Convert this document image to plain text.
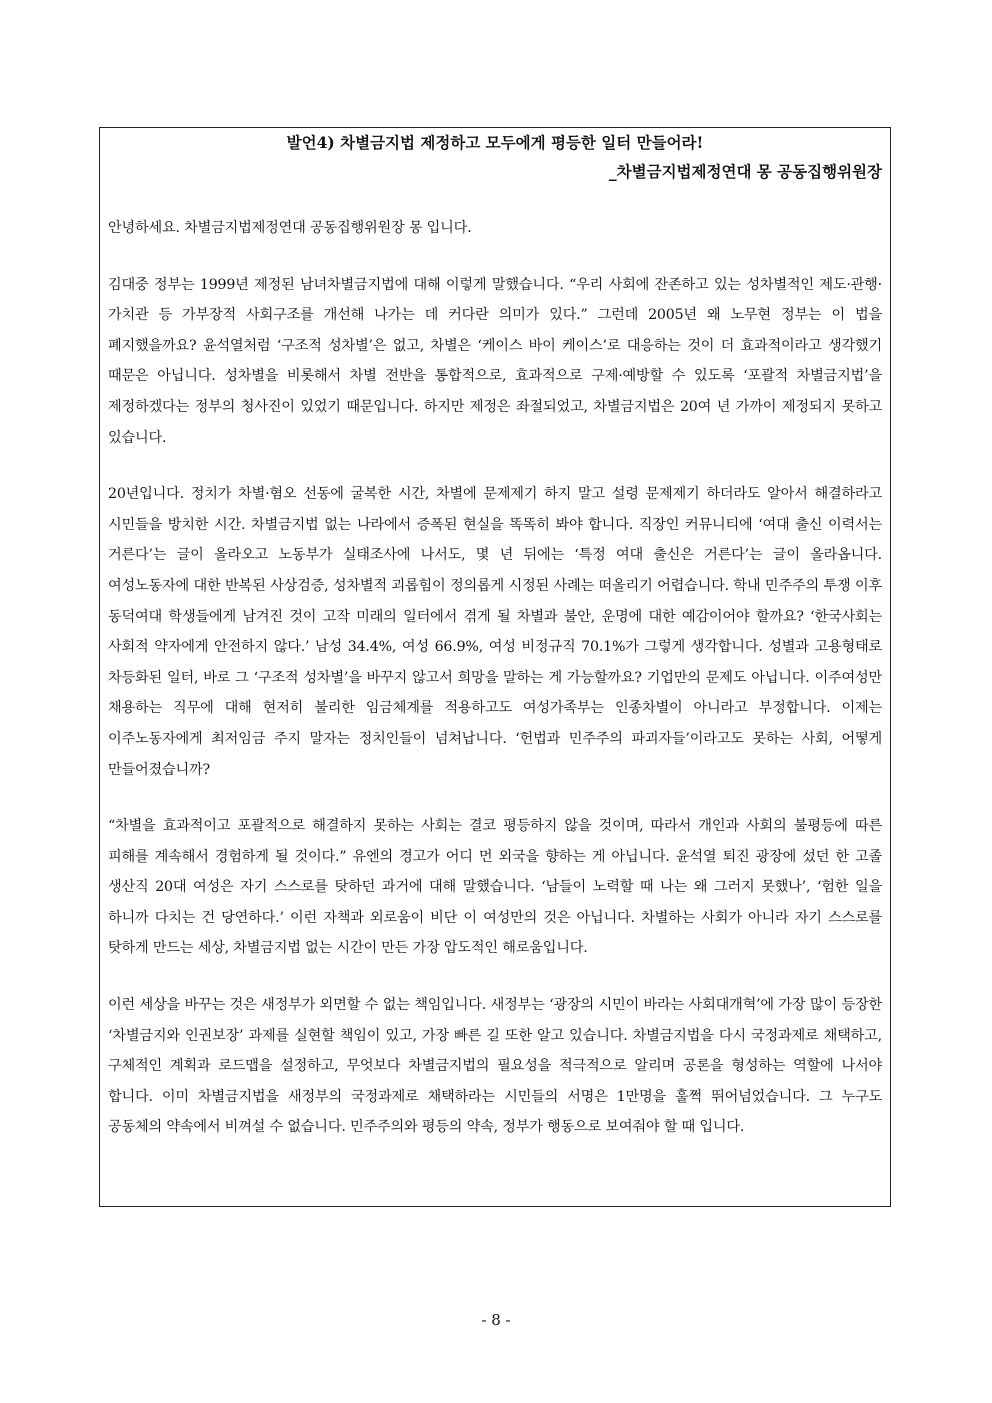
발언4) 차별금지법 제정하고 모두에게 평등한 일터 만들어라!

_차별금지법제정연대 몽 공동집행위원장

안녕하세요. 차별금지법제정연대 공동집행위원장 몽 입니다.

김대중 정부는 1999년 제정된 남녀차별금지법에 대해 이렇게 말했습니다. “우리 사회에 잔존하고 있는 성차별적인 제도·관행·가치관 등 가부장적 사회구조를 개선해 나가는 데 커다란 의미가 있다.” 그런데 2005년 왜 노무현 정부는 이 법을 폐지했을까요? 윤석열처럼 ‘구조적 성차별’은 없고, 차별은 ‘케이스 바이 케이스’로 대응하는 것이 더 효과적이라고 생각했기 때문은 아닙니다. 성차별을 비롯해서 차별 전반을 통합적으로, 효과적으로 구제·예방할 수 있도록 ‘포괄적 차별금지법’을 제정하겠다는 정부의 청사진이 있었기 때문입니다. 하지만 제정은 좌절되었고, 차별금지법은 20여 년 가까이 제정되지 못하고 있습니다.

20년입니다. 정치가 차별·혐오 선동에 굴복한 시간, 차별에 문제제기 하지 말고 설령 문제제기 하더라도 알아서 해결하라고 시민들을 방치한 시간. 차별금지법 없는 나라에서 증폭된 현실을 똑똑히 봐야 합니다. 직장인 커뮤니티에 ‘여대 출신 이력서는 거른다’는 글이 올라오고 노동부가 실태조사에 나서도, 몇 년 뒤에는 ‘특정 여대 출신은 거른다’는 글이 올라옵니다. 여성노동자에 대한 반복된 사상검증, 성차별적 괴롭힘이 정의롭게 시정된 사례는 떠올리기 어렵습니다. 학내 민주주의 투쟁 이후 동덕여대 학생들에게 남겨진 것이 고작 미래의 일터에서 겪게 될 차별과 불안, 운명에 대한 예감이어야 할까요? ‘한국사회는 사회적 약자에게 안전하지 않다.’ 남성 34.4%, 여성 66.9%, 여성 비정규직 70.1%가 그렇게 생각합니다. 성별과 고용형태로 차등화된 일터, 바로 그 ‘구조적 성차별’을 바꾸지 않고서 희망을 말하는 게 가능할까요? 기업만의 문제도 아닙니다. 이주여성만 채용하는 직무에 대해 현저히 불리한 임금체계를 적용하고도 여성가족부는 인종차별이 아니라고 부정합니다. 이제는 이주노동자에게 최저임금 주지 말자는 정치인들이 넘쳐납니다. ‘헌법과 민주주의 파괴자들’이라고도 못하는 사회, 어떻게 만들어졌습니까?

“차별을 효과적이고 포괄적으로 해결하지 못하는 사회는 결코 평등하지 않을 것이며, 따라서 개인과 사회의 불평등에 따른 피해를 계속해서 경험하게 될 것이다.” 유엔의 경고가 어디 먼 외국을 향하는 게 아닙니다. 윤석열 퇴진 광장에 섰던 한 고졸 생산직 20대 여성은 자기 스스로를 탓하던 과거에 대해 말했습니다. ‘남들이 노력할 때 나는 왜 그러지 못했나’, ‘험한 일을 하니까 다치는 건 당연하다.’ 이런 자책과 외로움이 비단 이 여성만의 것은 아닙니다. 차별하는 사회가 아니라 자기 스스로를 탓하게 만드는 세상, 차별금지법 없는 시간이 만든 가장 압도적인 해로움입니다.

이런 세상을 바꾸는 것은 새정부가 외면할 수 없는 책임입니다. 새정부는 ‘광장의 시민이 바라는 사회대개혁’에 가장 많이 등장한 ‘차별금지와 인권보장’ 과제를 실현할 책임이 있고, 가장 빠른 길 또한 알고 있습니다. 차별금지법을 다시 국정과제로 채택하고, 구체적인 계획과 로드맵을 설정하고, 무엇보다 차별금지법의 필요성을 적극적으로 알리며 공론을 형성하는 역할에 나서야 합니다. 이미 차별금지법을 새정부의 국정과제로 채택하라는 시민들의 서명은 1만명을 훌쩍 뛰어넘었습니다. 그 누구도 공동체의 약속에서 비껴설 수 없습니다. 민주주의와 평등의 약속, 정부가 행동으로 보여줘야 할 때 입니다.

- 8 -
